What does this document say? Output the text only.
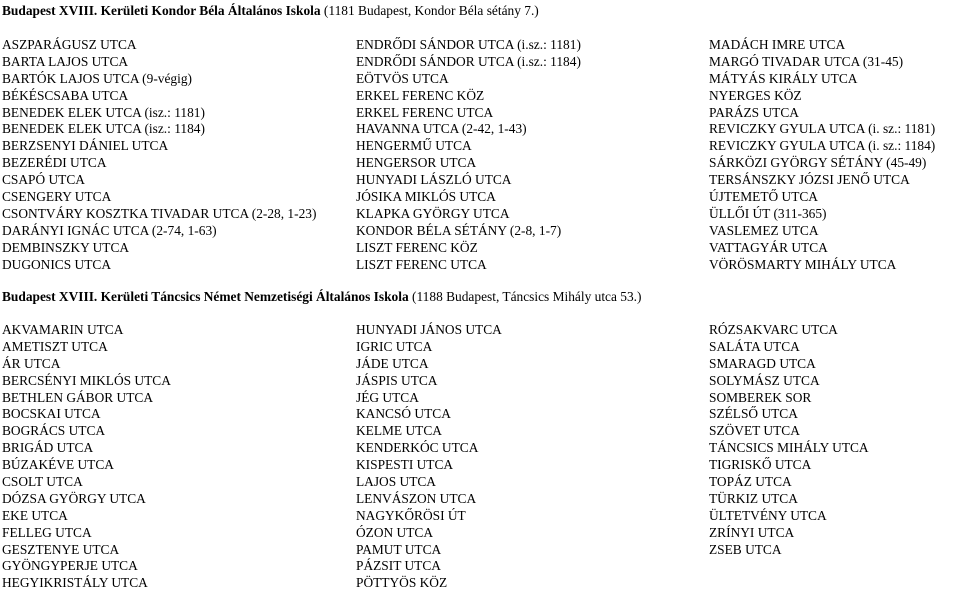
Budapest XVIII. Kerületi Kondor Béla Általános Iskola (1181 Budapest, Kondor Béla sétány 7.)
ASZPARÁGUSZ UTCA
BARTA LAJOS UTCA
BARTÓK LAJOS UTCA (9-végig)
BÉKÉSCSABA UTCA
BENEDEK ELEK UTCA (isz.: 1181)
BENEDEK ELEK UTCA (isz.: 1184)
BERZSENYI DÁNIEL UTCA
BEZERÉDI UTCA
CSAPÓ UTCA
CSENGERY UTCA
CSONTVÁRY KOSZTKA TIVADAR UTCA (2-28, 1-23)
DARÁNYI IGNÁC UTCA (2-74, 1-63)
DEMBINSZKY UTCA
DUGONICS UTCA
ENDRŐDI SÁNDOR UTCA (i.sz.: 1181)
ENDRŐDI SÁNDOR UTCA (i.sz.: 1184)
EÖTVÖS UTCA
ERKEL FERENC KÖZ
ERKEL FERENC UTCA
HAVANNA UTCA (2-42, 1-43)
HENGERMŰ UTCA
HENGERSOR UTCA
HUNYADI LÁSZLÓ UTCA
JÓSIKA MIKLÓS UTCA
KLAPKA GYÖRGY UTCA
KONDOR BÉLA SÉTÁNY (2-8, 1-7)
LISZT FERENC KÖZ
LISZT FERENC UTCA
MADÁCH IMRE UTCA
MARGÓ TIVADAR UTCA (31-45)
MÁTYÁS KIRÁLY UTCA
NYERGES KÖZ
PARÁZS UTCA
REVICZKY GYULA UTCA (i. sz.: 1181)
REVICZKY GYULA UTCA (i. sz.: 1184)
SÁRKÖZI GYÖRGY SÉTÁNY (45-49)
TERSÁNSZKY JÓZSI JENŐ UTCA
ÚJTEMETŐ UTCA
ÜLLŐI ÚT (311-365)
VASLEMEZ UTCA
VATTAGYÁR UTCA
VÖRÖSMARTY MIHÁLY UTCA
Budapest XVIII. Kerületi Táncsics Német Nemzetiségi Általános Iskola (1188 Budapest, Táncsics Mihály utca 53.)
AKVAMARIN UTCA
AMETISZT UTCA
ÁR UTCA
BERCSÉNYI MIKLÓS UTCA
BETHLEN GÁBOR UTCA
BOCSKAI UTCA
BOGRÁCS UTCA
BRIGÁD UTCA
BÚZAKÉVE UTCA
CSOLT UTCA
DÓZSA GYÖRGY UTCA
EKE UTCA
FELLEG UTCA
GESZTENYE UTCA
GYÖNGYPERJE UTCA
HEGYIKRISTÁLY UTCA
HUNYADI JÁNOS UTCA
IGRIC UTCA
JÁDE UTCA
JÁSPIS UTCA
JÉG UTCA
KANCSÓ UTCA
KELME UTCA
KENDERKÓC UTCA
KISPESTI UTCA
LAJOS UTCA
LENVÁSZON UTCA
NAGYKŐRÖSI ÚT
ÓZON UTCA
PAMUT UTCA
PÁZSIT UTCA
PÖTTYÖS KÖZ
RÓZSAKVARC UTCA
SALÁTA UTCA
SMARAGD UTCA
SOLYMÁSZ UTCA
SOMBEREK SOR
SZÉLSŐ UTCA
SZÖVET UTCA
TÁNCSICS MIHÁLY UTCA
TIGRISKŐ UTCA
TOPÁZ UTCA
TÜRKIZ UTCA
ÜLTETVÉNY UTCA
ZRÍNYI UTCA
ZSEB UTCA
